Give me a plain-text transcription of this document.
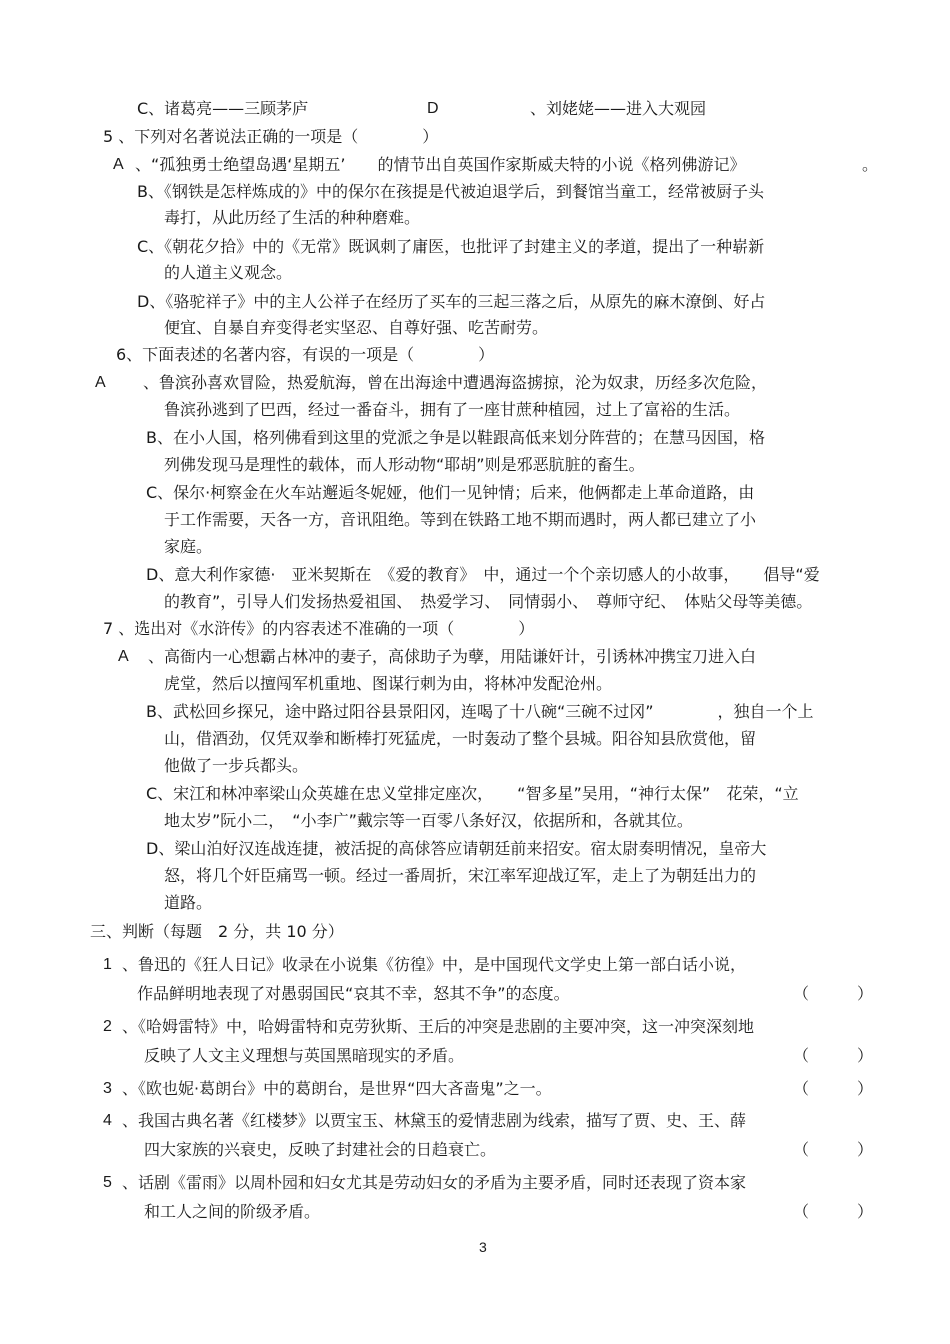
C、诸葛亮——三顾茅庐	D	、刘姥姥——进入大观园
5 、下列对名著说法正确的一项是（　　　　）
A 、“孤独勇士绝望岛遇‘星期五’　　的情节出自英国作家斯威夫特的小说《格列佛游记》	。
B、《钢铁是怎样炼成的》中的保尔在孩提是代被迫退学后，到餐馆当童工，经常被厨子头
毒打，从此历经了生活的种种磨难。
C、《朝花夕拾》中的《无常》既讽刺了庸医，也批评了封建主义的孝道，提出了一种崭新
的人道主义观念。
D、《骆驼祥子》中的主人公祥子在经历了买车的三起三落之后，从原先的麻木潦倒、好占
便宜、自暴自弃变得老实坚忍、自尊好强、吃苦耐劳。
6、下面表述的名著内容，有误的一项是（　　　　）
A 、鲁滨孙喜欢冒险，热爱航海，曾在出海途中遭遇海盗掳掠，沦为奴隶，历经多次危险，
鲁滨孙逃到了巴西，经过一番奋斗，拥有了一座甘蔗种植园，过上了富裕的生活。
B、在小人国，格列佛看到这里的党派之争是以鞋跟高低来划分阵营的；在慧马因国，格
列佛发现马是理性的载体，而人形动物“耶胡”则是邪恶肮脏的畜生。
C、保尔·柯察金在火车站邂逅冬妮娅，他们一见钟情；后来，他俩都走上革命道路，由
于工作需要，天各一方，音讯阻绝。等到在铁路工地不期而遇时，两人都已建立了小
家庭。
D、意大利作家德·　亚米契斯在　《爱的教育》　中，通过一个个亲切感人的小故事，　　倡导“爱
的教育”，引导人们发扬热爱祖国、　热爱学习、　同情弱小、　尊师守纪、　体贴父母等美德。
7 、选出对《水浒传》的内容表述不准确的一项（　　　　）
A 、高衙内一心想霸占林冲的妻子，高俅助子为孽，用陆谦奸计，引诱林冲携宝刀进入白
虎堂，然后以擅闯军机重地、图谋行刺为由，将林冲发配沧州。
B、武松回乡探兄，途中路过阳谷县景阳冈，连喝了十八碗“三碗不过冈”　　　　，独自一个上
山，借酒劲，仅凭双拳和断棒打死猛虎，一时轰动了整个县城。阳谷知县欣赏他，留
他做了一步兵都头。
C、宋江和林冲率梁山众英雄在忠义堂排定座次，　　“智多星”吴用，“神行太保”　花荣，“立
地太岁”阮小二，　“小李广”戴宗等一百零八条好汉，依据所和，各就其位。
D、梁山泊好汉连战连捷，被活捉的高俅答应请朝廷前来招安。宿太尉奏明情况，皇帝大
怒，将几个奸臣痛骂一顿。经过一番周折，宋江率军迎战辽军，走上了为朝廷出力的
道路。
三、判断（每题　2 分，共 10 分）
1 、鲁迅的《狂人日记》收录在小说集《彷徨》中，是中国现代文学史上第一部白话小说，
作品鲜明地表现了对愚弱国民“哀其不幸，怒其不争”的态度。	（　　　）
2 、《哈姆雷特》中，哈姆雷特和克劳狄斯、王后的冲突是悲剧的主要冲突，这一冲突深刻地
反映了人文主义理想与英国黑暗现实的矛盾。	（　　　）
3 、《欧也妮·葛朗台》中的葛朗台，是世界“四大吝啬鬼”之一。	（　　　）
4 、我国古典名著《红楼梦》以贾宝玉、林黛玉的爱情悲剧为线索，描写了贾、史、王、薛
四大家族的兴衰史，反映了封建社会的日趋衰亡。	（　　　）
5 、话剧《雷雨》以周朴园和妇女尤其是劳动妇女的矛盾为主要矛盾，同时还表现了资本家
和工人之间的阶级矛盾。	（　　　）
3
